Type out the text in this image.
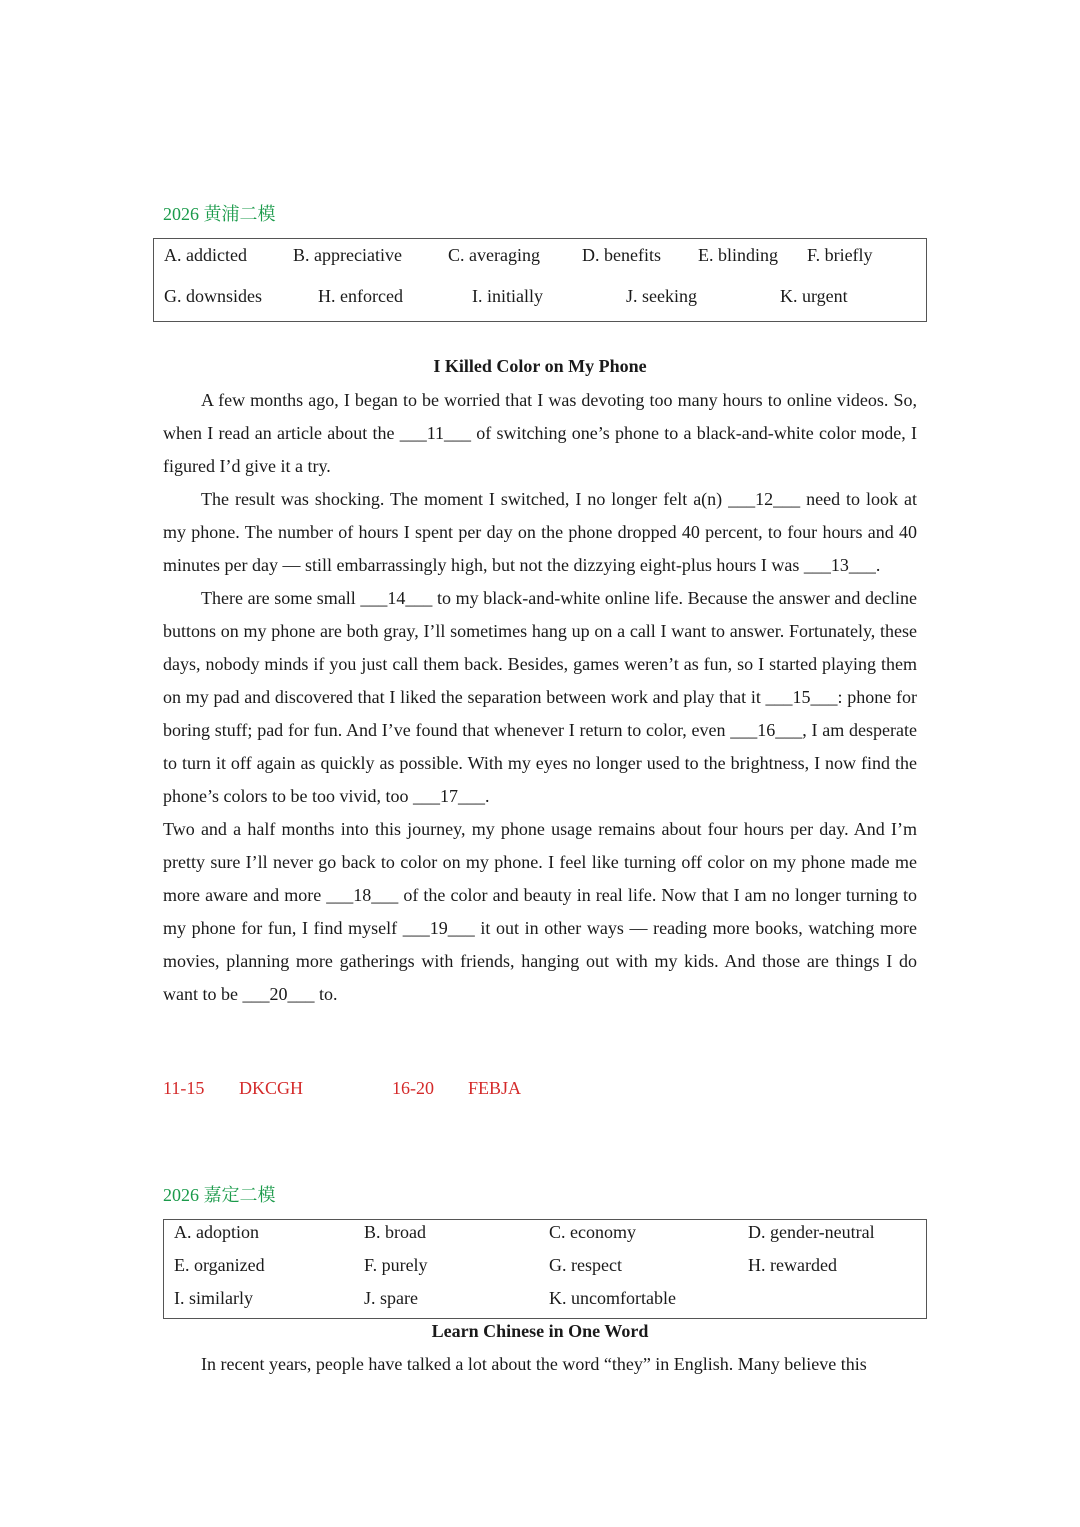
2026 黄浦二模
A. addicted	B. appreciative	C. averaging D. benefits E. blinding F. briefly
G. downsides	H. enforced	I. initially	J. seeking	K. urgent
I Killed Color on My Phone

A few months ago, I began to be worried that I was devoting too many hours to online videos. So, when I read an article about the ___11___ of switching one’s phone to a black-and-white color mode, I figured I’d give it a try.

The result was shocking. The moment I switched, I no longer felt a(n) ___12___ need to look at my phone. The number of hours I spent per day on the phone dropped 40 percent, to four hours and 40 minutes per day — still embarrassingly high, but not the dizzying eight-plus hours I was ___13___.

There are some small ___14___ to my black-and-white online life. Because the answer and decline buttons on my phone are both gray, I’ll sometimes hang up on a call I want to answer. Fortunately, these days, nobody minds if you just call them back. Besides, games weren’t as fun, so I started playing them on my pad and discovered that I liked the separation between work and play that it ___15___: phone for boring stuff; pad for fun. And I’ve found that whenever I return to color, even ___16___, I am desperate to turn it off again as quickly as possible. With my eyes no longer used to the brightness, I now find the phone’s colors to be too vivid, too ___17___.

Two and a half months into this journey, my phone usage remains about four hours per day. And I’m pretty sure I’ll never go back to color on my phone. I feel like turning off color on my phone made me more aware and more ___18___ of the color and beauty in real life. Now that I am no longer turning to my phone for fun, I find myself ___19___ it out in other ways — reading more books, watching more movies, planning more gatherings with friends, hanging out with my kids. And those are things I do want to be ___20___ to.

11-15 DKCGH	16-20 FEBJA
2026 嘉定二模
A. adoption	B. broad	C. economy	D. gender-neutral
E. organized	F. purely	G. respect	H. rewarded
I. similarly	J. spare	K. uncomfortable
Learn Chinese in One Word

In recent years, people have talked a lot about the word “they” in English. Many believe this
